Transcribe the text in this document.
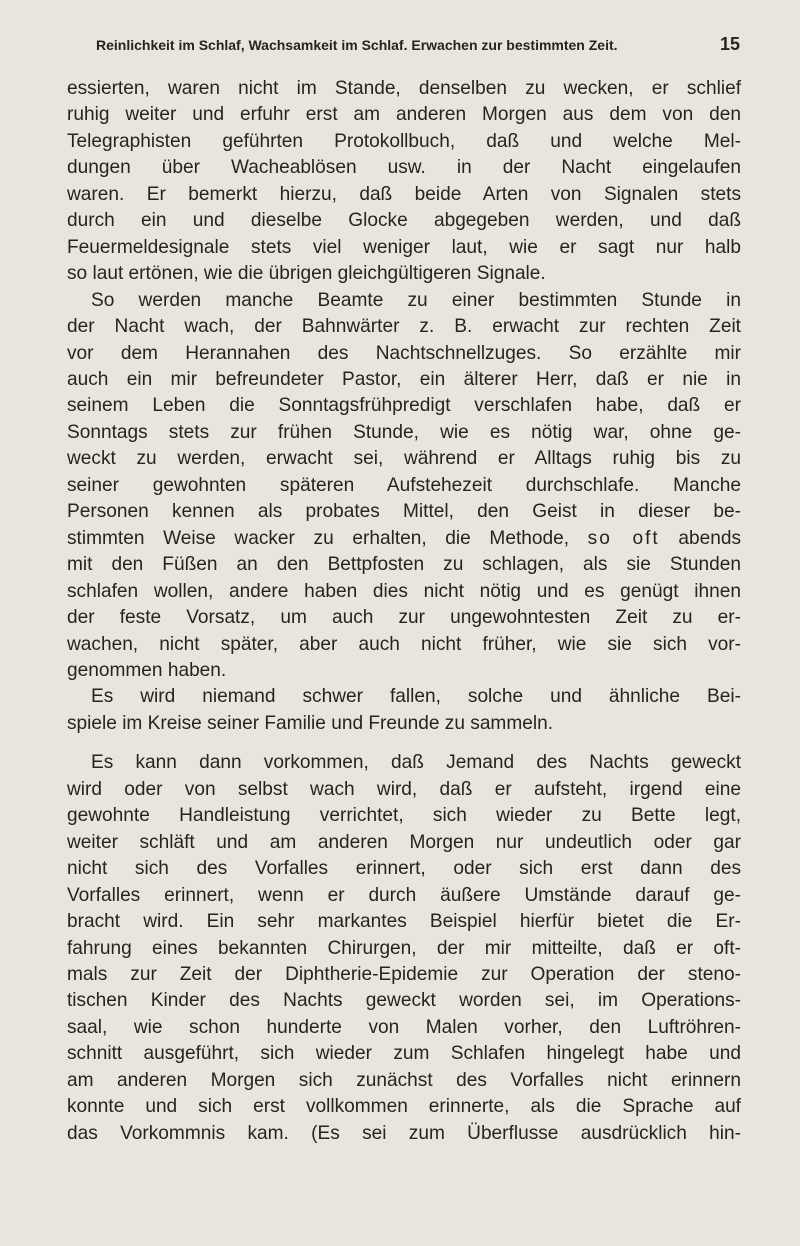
Reinlichkeit im Schlaf, Wachsamkeit im Schlaf. Erwachen zur bestimmten Zeit.	15

essierten, waren nicht im Stande, denselben zu wecken, er schlief
ruhig weiter und erfuhr erst am anderen Morgen aus dem von den
Telegraphisten geführten Protokollbuch, daß und welche Mel-
dungen über Wacheablösen usw. in der Nacht eingelaufen
waren. Er bemerkt hierzu, daß beide Arten von Signalen stets
durch ein und dieselbe Glocke abgegeben werden, und daß
Feuermeldesignale stets viel weniger laut, wie er sagt nur halb
so laut ertönen, wie die übrigen gleichgültigeren Signale.

So werden manche Beamte zu einer bestimmten Stunde in
der Nacht wach, der Bahnwärter z. B. erwacht zur rechten Zeit
vor dem Herannahen des Nachtschnellzuges. So erzählte mir
auch ein mir befreundeter Pastor, ein älterer Herr, daß er nie in
seinem Leben die Sonntagsfrühpredigt verschlafen habe, daß er
Sonntags stets zur frühen Stunde, wie es nötig war, ohne ge-
weckt zu werden, erwacht sei, während er Alltags ruhig bis zu
seiner gewohnten späteren Aufstehezeit durchschlafe. Manche
Personen kennen als probates Mittel, den Geist in dieser be-
stimmten Weise wacker zu erhalten, die Methode, so oft abends
mit den Füßen an den Bettpfosten zu schlagen, als sie Stunden
schlafen wollen, andere haben dies nicht nötig und es genügt ihnen
der feste Vorsatz, um auch zur ungewohntesten Zeit zu er-
wachen, nicht später, aber auch nicht früher, wie sie sich vor-
genommen haben.

Es wird niemand schwer fallen, solche und ähnliche Bei-
spiele im Kreise seiner Familie und Freunde zu sammeln.

Es kann dann vorkommen, daß Jemand des Nachts geweckt
wird oder von selbst wach wird, daß er aufsteht, irgend eine
gewohnte Handleistung verrichtet, sich wieder zu Bette legt,
weiter schläft und am anderen Morgen nur undeutlich oder gar
nicht sich des Vorfalles erinnert, oder sich erst dann des
Vorfalles erinnert, wenn er durch äußere Umstände darauf ge-
bracht wird. Ein sehr markantes Beispiel hierfür bietet die Er-
fahrung eines bekannten Chirurgen, der mir mitteilte, daß er oft-
mals zur Zeit der Diphtherie-Epidemie zur Operation der steno-
tischen Kinder des Nachts geweckt worden sei, im Operations-
saal, wie schon hunderte von Malen vorher, den Luftröhren-
schnitt ausgeführt, sich wieder zum Schlafen hingelegt habe und
am anderen Morgen sich zunächst des Vorfalles nicht erinnern
konnte und sich erst vollkommen erinnerte, als die Sprache auf
das Vorkommnis kam. (Es sei zum Überflusse ausdrücklich hin-
